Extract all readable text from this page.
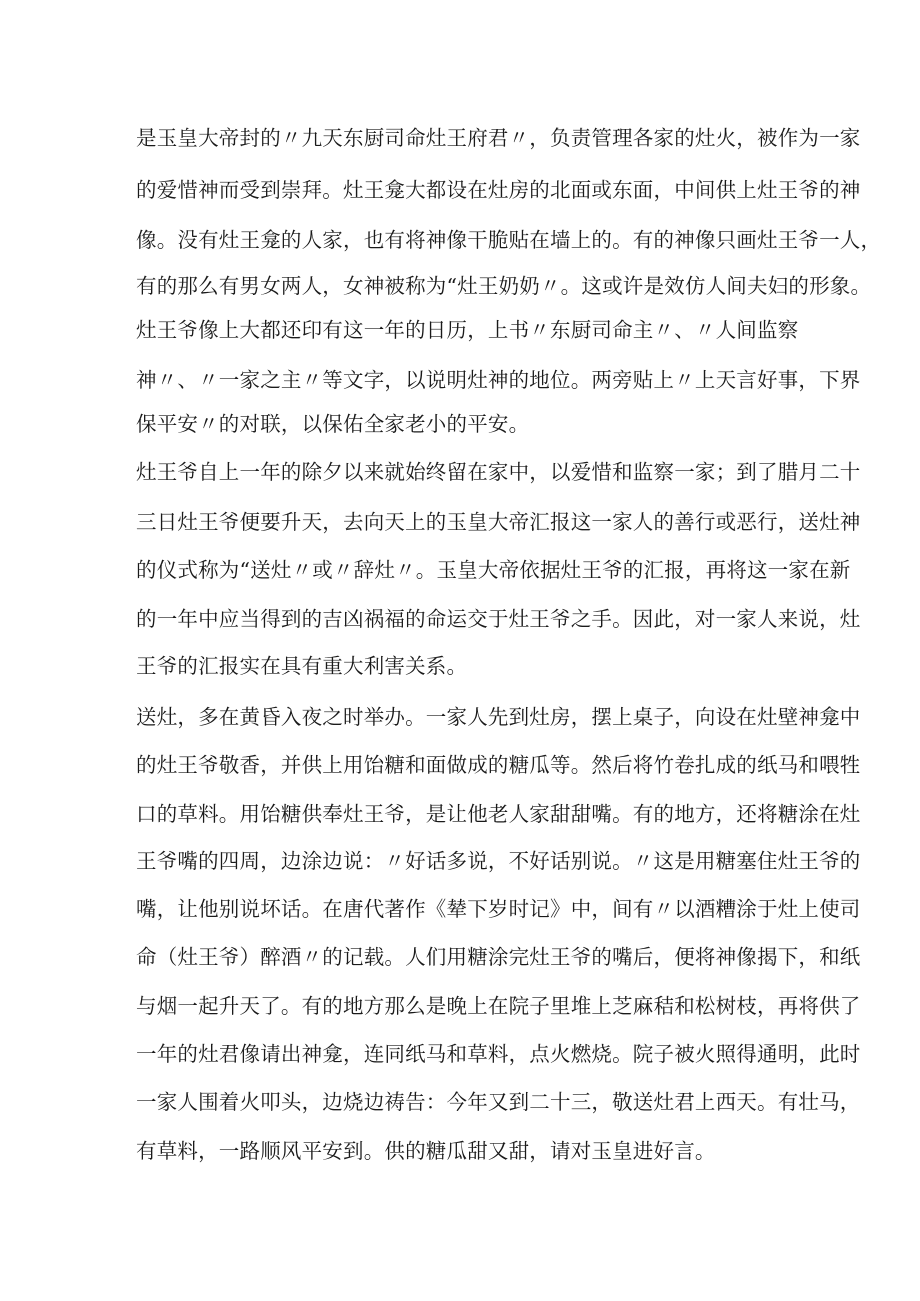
是玉皇大帝封的〃九天东厨司命灶王府君〃，负责管理各家的灶火，被作为一家
的爱惜神而受到崇拜。灶王龛大都设在灶房的北面或东面，中间供上灶王爷的神
像。没有灶王龛的人家，也有将神像干脆贴在墙上的。有的神像只画灶王爷一人，
有的那么有男女两人，女神被称为“灶王奶奶〃。这或许是效仿人间夫妇的形象。
灶王爷像上大都还印有这一年的日历，上书〃东厨司命主〃、〃人间监察
神〃、〃一家之主〃等文字，以说明灶神的地位。两旁贴上〃上天言好事，下界
保平安〃的对联，以保佑全家老小的平安。
灶王爷自上一年的除夕以来就始终留在家中，以爱惜和监察一家；到了腊月二十
三日灶王爷便要升天，去向天上的玉皇大帝汇报这一家人的善行或恶行，送灶神
的仪式称为“送灶〃或〃辞灶〃。玉皇大帝依据灶王爷的汇报，再将这一家在新
的一年中应当得到的吉凶祸福的命运交于灶王爷之手。因此，对一家人来说，灶
王爷的汇报实在具有重大利害关系。
送灶，多在黄昏入夜之时举办。一家人先到灶房，摆上桌子，向设在灶壁神龛中
的灶王爷敬香，并供上用饴糖和面做成的糖瓜等。然后将竹卷扎成的纸马和喂牲
口的草料。用饴糖供奉灶王爷，是让他老人家甜甜嘴。有的地方，还将糖涂在灶
王爷嘴的四周，边涂边说：〃好话多说，不好话别说。〃这是用糖塞住灶王爷的
嘴，让他别说坏话。在唐代著作《辇下岁时记》中，间有〃以酒糟涂于灶上使司
命（灶王爷）醉酒〃的记载。人们用糖涂完灶王爷的嘴后，便将神像揭下，和纸
与烟一起升天了。有的地方那么是晚上在院子里堆上芝麻秸和松树枝，再将供了
一年的灶君像请出神龛，连同纸马和草料，点火燃烧。院子被火照得通明，此时
一家人围着火叩头，边烧边祷告：今年又到二十三，敬送灶君上西天。有壮马，
有草料，一路顺风平安到。供的糖瓜甜又甜，请对玉皇进好言。
